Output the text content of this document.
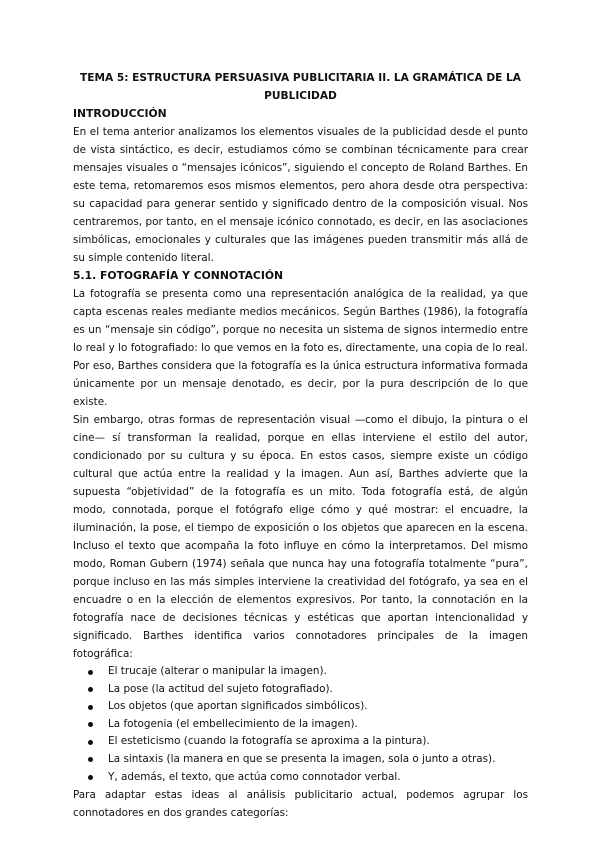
TEMA 5: ESTRUCTURA PERSUASIVA PUBLICITARIA II. LA GRAMÁTICA DE LA PUBLICIDAD
INTRODUCCIÓN

En el tema anterior analizamos los elementos visuales de la publicidad desde el punto de vista sintáctico, es decir, estudiamos cómo se combinan técnicamente para crear mensajes visuales o “mensajes icónicos”, siguiendo el concepto de Roland Barthes. En este tema, retomaremos esos mismos elementos, pero ahora desde otra perspectiva: su capacidad para generar sentido y significado dentro de la composición visual. Nos centraremos, por tanto, en el mensaje icónico connotado, es decir, en las asociaciones simbólicas, emocionales y culturales que las imágenes pueden transmitir más allá de su simple contenido literal.

5.1. FOTOGRAFÍA Y CONNOTACIÓN

La fotografía se presenta como una representación analógica de la realidad, ya que capta escenas reales mediante medios mecánicos. Según Barthes (1986), la fotografía es un “mensaje sin código”, porque no necesita un sistema de signos intermedio entre lo real y lo fotografiado: lo que vemos en la foto es, directamente, una copia de lo real. Por eso, Barthes considera que la fotografía es la única estructura informativa formada únicamente por un mensaje denotado, es decir, por la pura descripción de lo que existe.

Sin embargo, otras formas de representación visual —como el dibujo, la pintura o el cine— sí transforman la realidad, porque en ellas interviene el estilo del autor, condicionado por su cultura y su época. En estos casos, siempre existe un código cultural que actúa entre la realidad y la imagen. Aun así, Barthes advierte que la supuesta “objetividad” de la fotografía es un mito. Toda fotografía está, de algún modo, connotada, porque el fotógrafo elige cómo y qué mostrar: el encuadre, la iluminación, la pose, el tiempo de exposición o los objetos que aparecen en la escena. Incluso el texto que acompaña la foto influye en cómo la interpretamos. Del mismo modo, Roman Gubern (1974) señala que nunca hay una fotografía totalmente “pura”, porque incluso en las más simples interviene la creatividad del fotógrafo, ya sea en el encuadre o en la elección de elementos expresivos. Por tanto, la connotación en la fotografía nace de decisiones técnicas y estéticas que aportan intencionalidad y significado. Barthes identifica varios connotadores principales de la imagen fotográfica:

El trucaje (alterar o manipular la imagen).
La pose (la actitud del sujeto fotografiado).
Los objetos (que aportan significados simbólicos).
La fotogenia (el embellecimiento de la imagen).
El esteticismo (cuando la fotografía se aproxima a la pintura).
La sintaxis (la manera en que se presenta la imagen, sola o junto a otras).
Y, además, el texto, que actúa como connotador verbal.

Para adaptar estas ideas al análisis publicitario actual, podemos agrupar los connotadores en dos grandes categorías:
